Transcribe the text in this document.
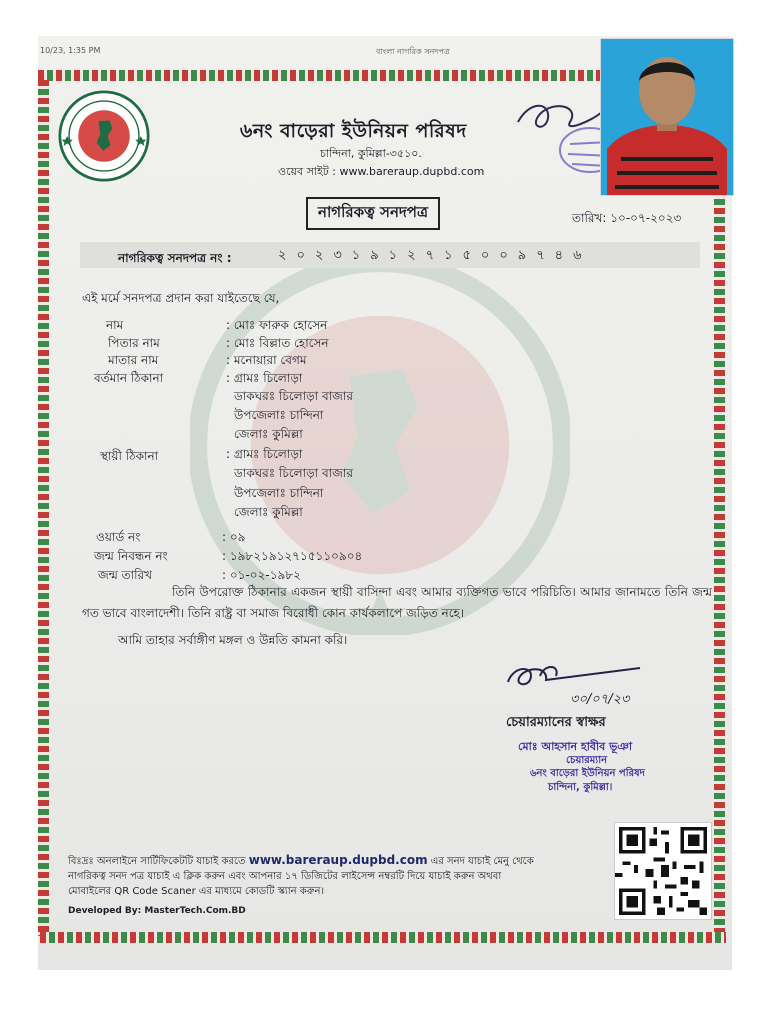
10/23, 1:35 PM	বাংলা নাগরিক সনদপত্র
৬নং বাড়েরা ইউনিয়ন পরিষদ
চান্দিনা, কুমিল্লা-৩৫১০.
ওয়েব সাইট : www.bareraup.dupbd.com
নাগরিকত্ব সনদপত্র	তারিখ: ১০-০৭-২০২৩
নাগরিকত্ব সনদপত্র নং :	২০২৩১৯১২৭১৫০০৯৭৪৬
এই মর্মে সনদপত্র প্রদান করা যাইতেছে যে,
নাম	: মোঃ ফারুক হোসেন
পিতার নাম	: মোঃ বিল্লাত হোসেন
মাতার নাম	: মনোয়ারা বেগম
বর্তমান ঠিকানা	: গ্রামঃ চিলোড়া
ডাকঘরঃ চিলোড়া বাজার
উপজেলাঃ চান্দিনা
জেলাঃ কুমিল্লা
স্থায়ী ঠিকানা	: গ্রামঃ চিলোড়া
ডাকঘরঃ চিলোড়া বাজার
উপজেলাঃ চান্দিনা
জেলাঃ কুমিল্লা
ওয়ার্ড নং	: ০৯
জন্ম নিবন্ধন নং	: ১৯৮২১৯১২৭১৫১১০৯০৪
জন্ম তারিখ	: ০১-০২-১৯৮২
তিনি উপরোক্ত ঠিকানার একজন স্থায়ী বাসিন্দা এবং আমার ব্যক্তিগত ভাবে পরিচিতি। আমার জানামতে তিনি জন্ম গত ভাবে বাংলাদেশী। তিনি রাষ্ট্র বা সমাজ বিরোধী কোন কার্যকলাপে জড়িত নহে।
আমি তাহার সর্বাঙ্গীণ মঙ্গল ও উন্নতি কামনা করি।
৩০/০৭/২৩
চেয়ারম্যানের স্বাক্ষর
মোঃ আহসান হাবীব ভূঞা
চেয়ারম্যান
৬নং বাড়েরা ইউনিয়ন পরিষদ
চান্দিনা, কুমিল্লা।
বিঃদ্রঃ অনলাইনে সার্টিফিকেটটি যাচাই করতে www.bareraup.dupbd.com এর সনদ যাচাই মেনু থেকে
নাগরিকত্ব সনদ পত্র যাচাই এ ক্লিক করুন এবং আপনার ১৭ ডিজিটের লাইসেন্স নম্বরটি দিয়ে যাচাই করুন অথবা
মোবাইলের QR Code Scaner এর মাধ্যমে কোডটি স্ক্যান করুন।
Developed By: MasterTech.Com.BD
